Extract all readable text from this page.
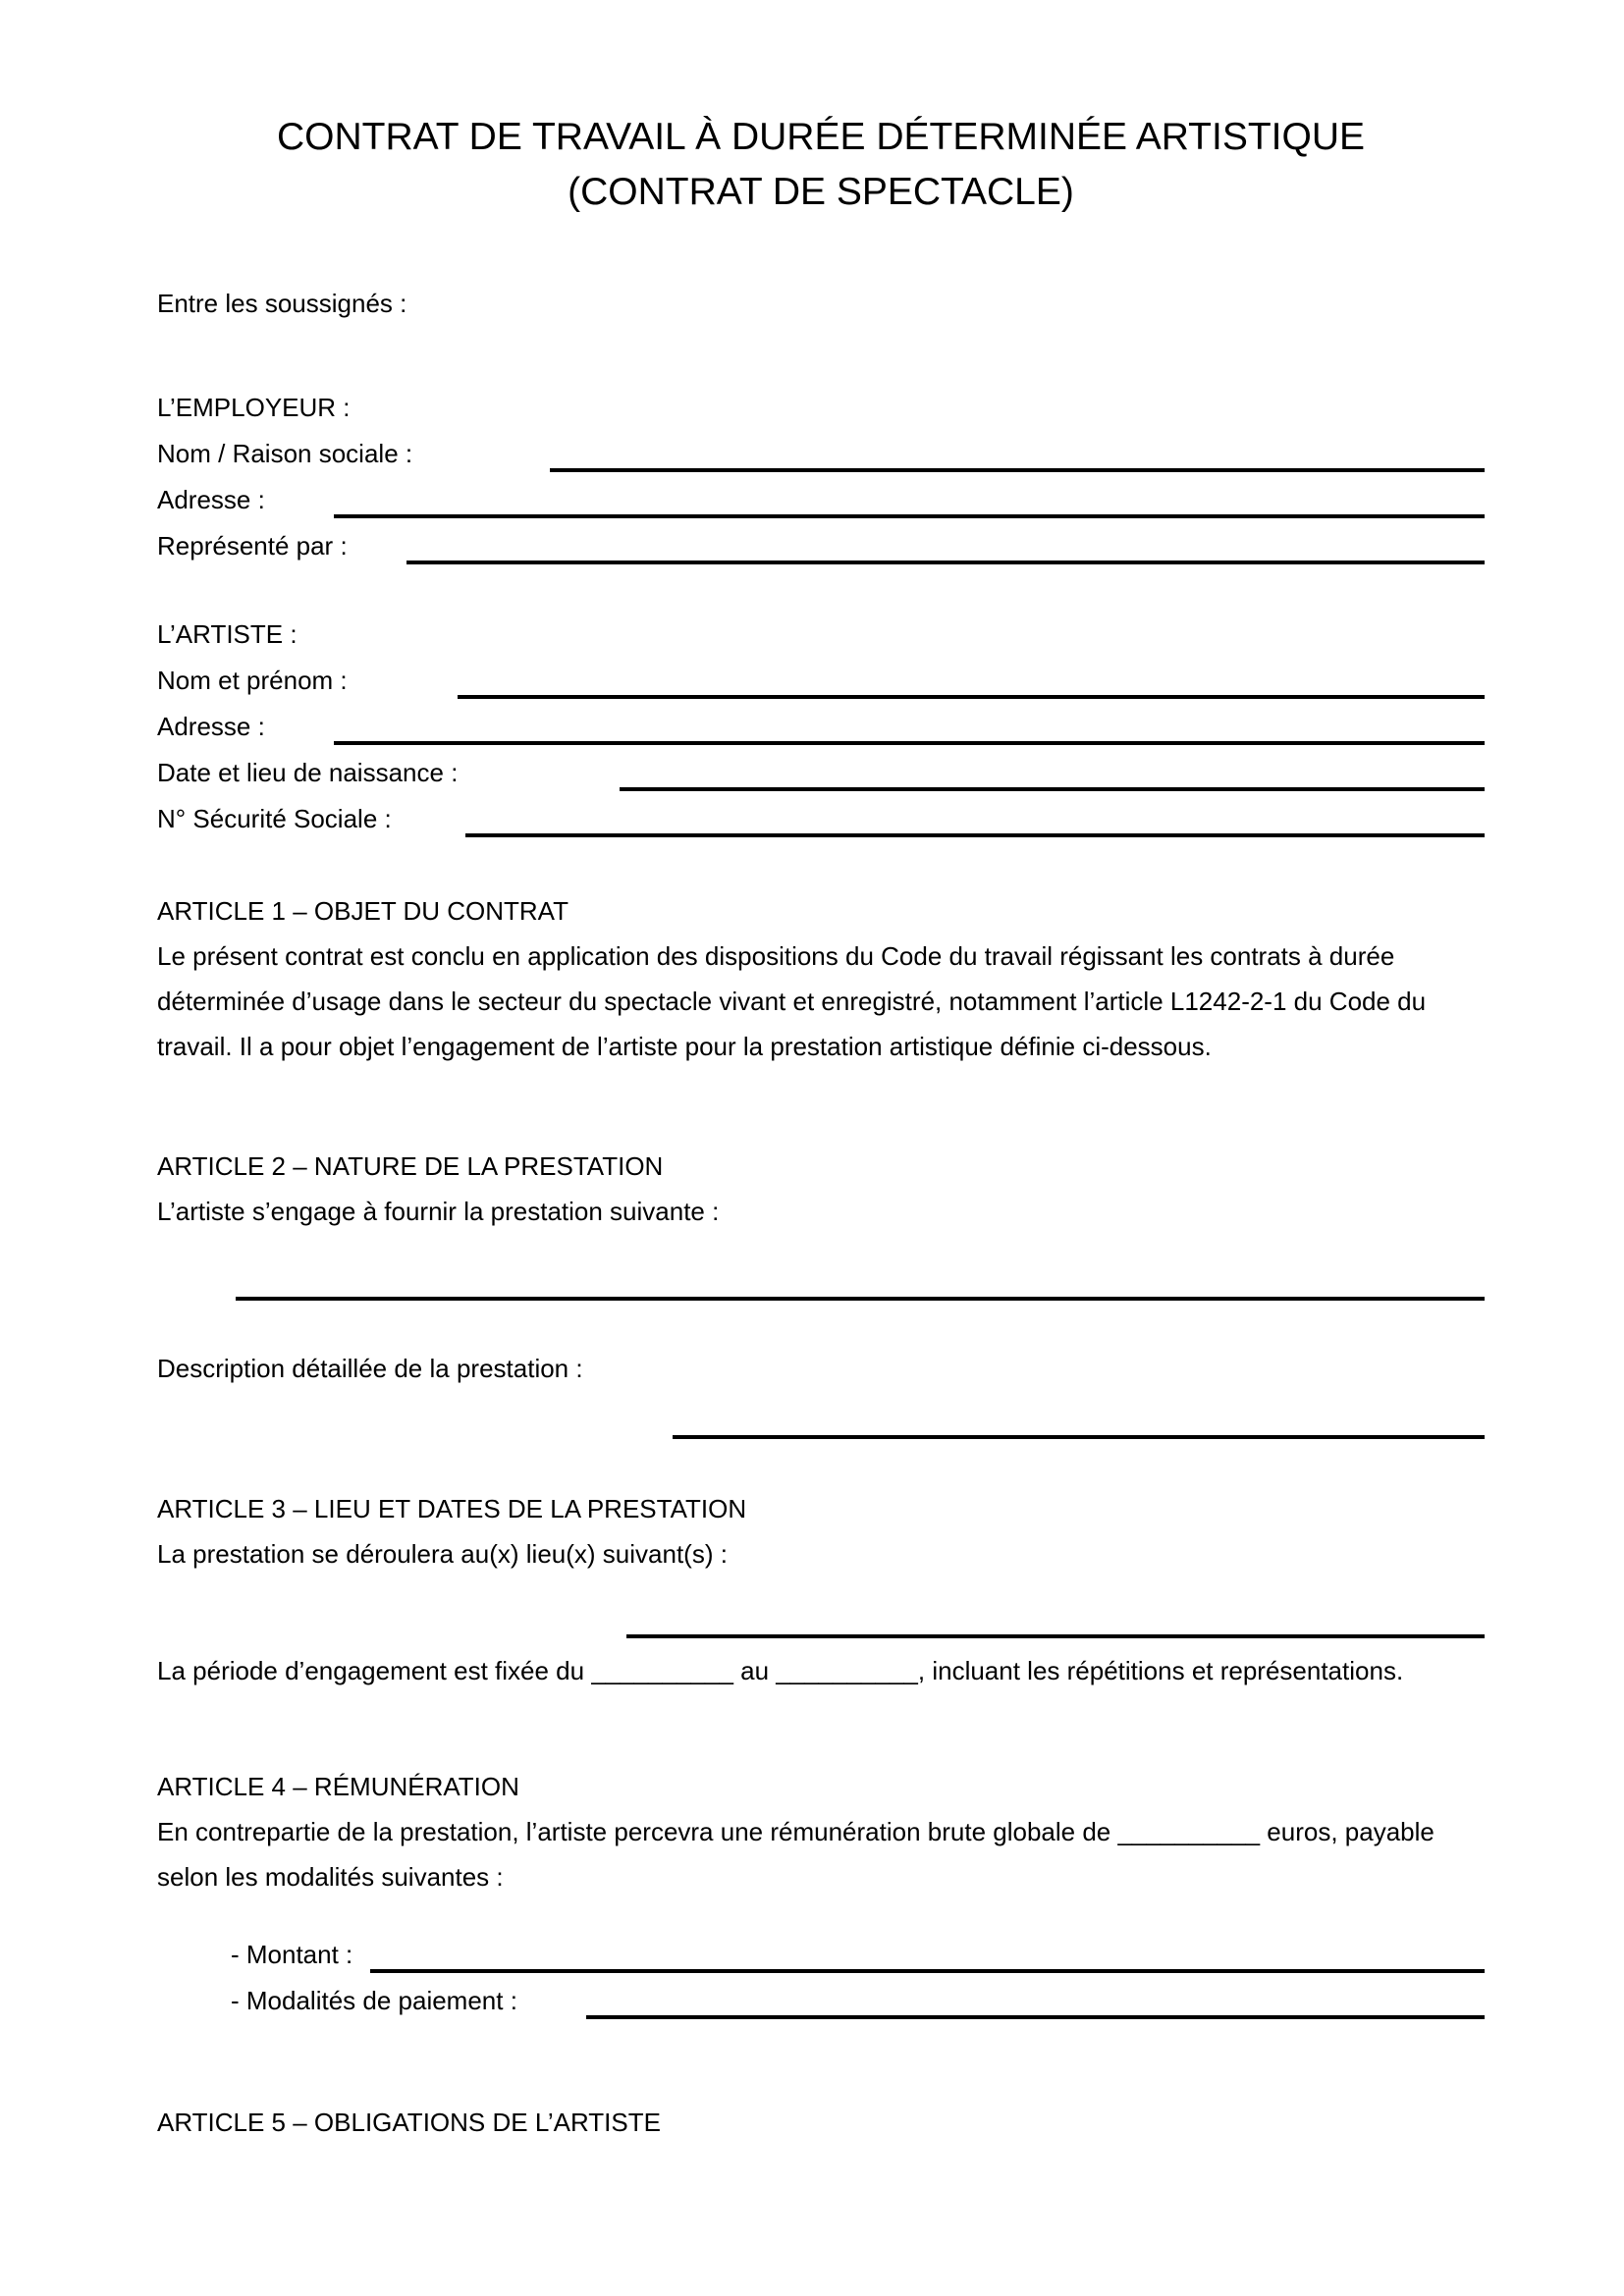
CONTRAT DE TRAVAIL À DURÉE DÉTERMINÉE ARTISTIQUE
(CONTRAT DE SPECTACLE)

Entre les soussignés :

L’EMPLOYEUR :

Nom / Raison sociale :
Adresse :
Représenté par :

L’ARTISTE :

Nom et prénom :
Adresse :
Date et lieu de naissance :
N° Sécurité Sociale :

ARTICLE 1 – OBJET DU CONTRAT

Le présent contrat est conclu en application des dispositions du Code du travail régissant les contrats à durée déterminée d’usage dans le secteur du spectacle vivant et enregistré, notamment l’article L1242-2-1 du Code du travail. Il a pour objet l’engagement de l’artiste pour la prestation artistique définie ci-dessous.

ARTICLE 2 – NATURE DE LA PRESTATION

L’artiste s’engage à fournir la prestation suivante :

Description détaillée de la prestation :

ARTICLE 3 – LIEU ET DATES DE LA PRESTATION

La prestation se déroulera au(x) lieu(x) suivant(s) :

La période d’engagement est fixée du __________ au __________, incluant les répétitions et représentations.

ARTICLE 4 – RÉMUNÉRATION

En contrepartie de la prestation, l’artiste percevra une rémunération brute globale de __________ euros, payable selon les modalités suivantes :

- Montant :
- Modalités de paiement :

ARTICLE 5 – OBLIGATIONS DE L’ARTISTE
